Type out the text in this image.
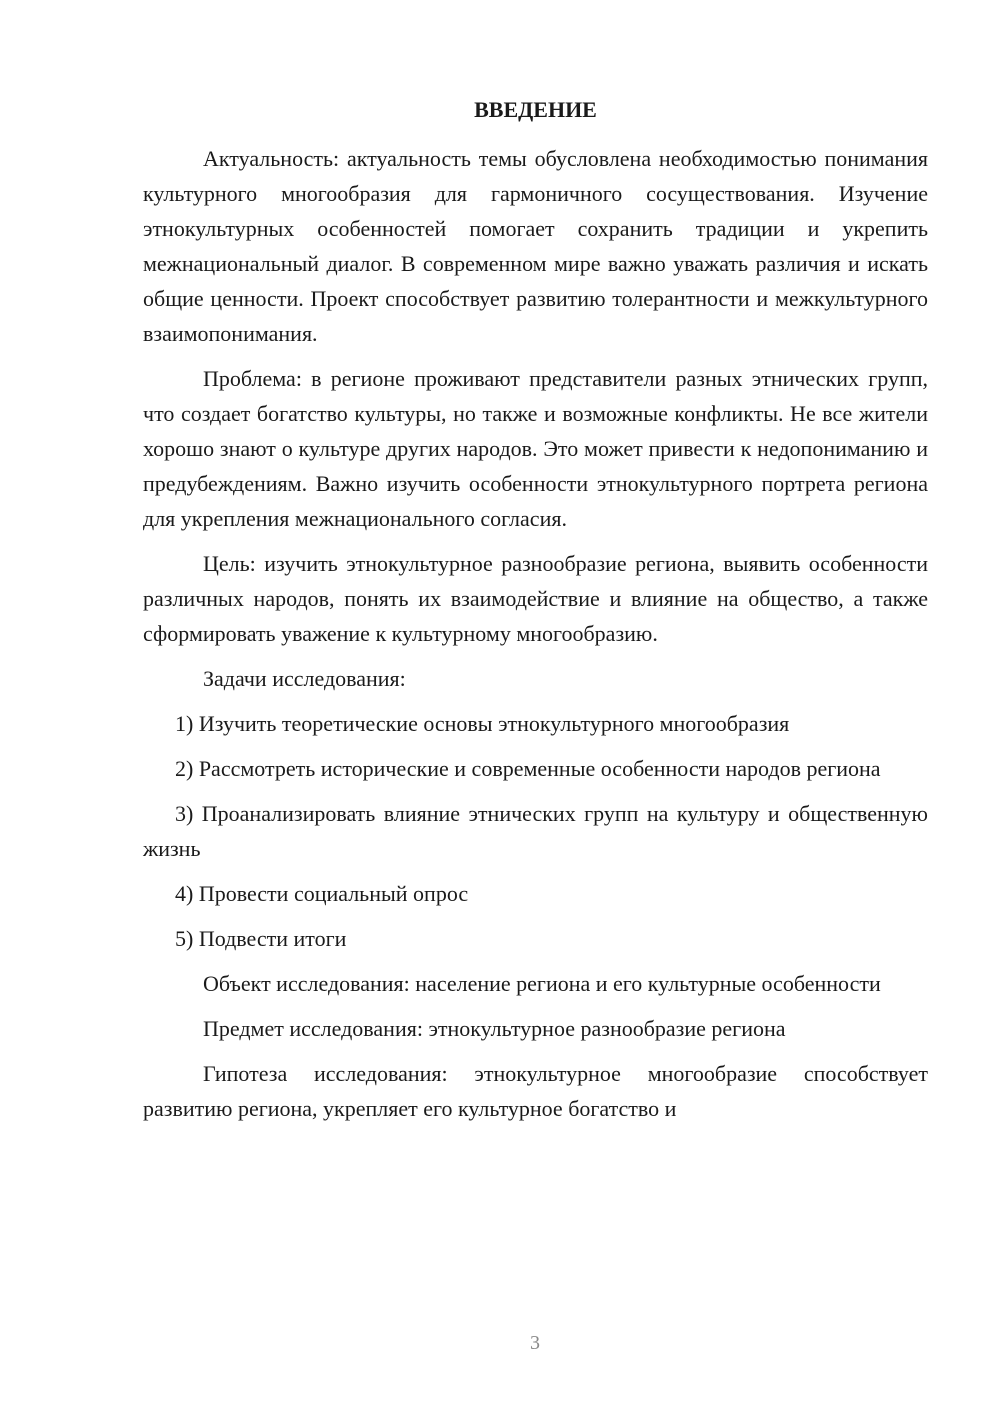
ВВЕДЕНИЕ

Актуальность: актуальность темы обусловлена необходимостью понимания культурного многообразия для гармоничного сосуществования. Изучение этнокультурных особенностей помогает сохранить традиции и укрепить межнациональный диалог. В современном мире важно уважать различия и искать общие ценности. Проект способствует развитию толерантности и межкультурного взаимопонимания.

Проблема: в регионе проживают представители разных этнических групп, что создает богатство культуры, но также и возможные конфликты. Не все жители хорошо знают о культуре других народов. Это может привести к недопониманию и предубеждениям. Важно изучить особенности этнокультурного портрета региона для укрепления межнационального согласия.

Цель: изучить этнокультурное разнообразие региона, выявить особенности различных народов, понять их взаимодействие и влияние на общество, а также сформировать уважение к культурному многообразию.

Задачи исследования:

1) Изучить теоретические основы этнокультурного многообразия

2) Рассмотреть исторические и современные особенности народов региона

3) Проанализировать влияние этнических групп на культуру и общественную жизнь

4) Провести социальный опрос

5) Подвести итоги

Объект исследования: население региона и его культурные особенности

Предмет исследования: этнокультурное разнообразие региона

Гипотеза исследования: этнокультурное многообразие способствует развитию региона, укрепляет его культурное богатство и

3
